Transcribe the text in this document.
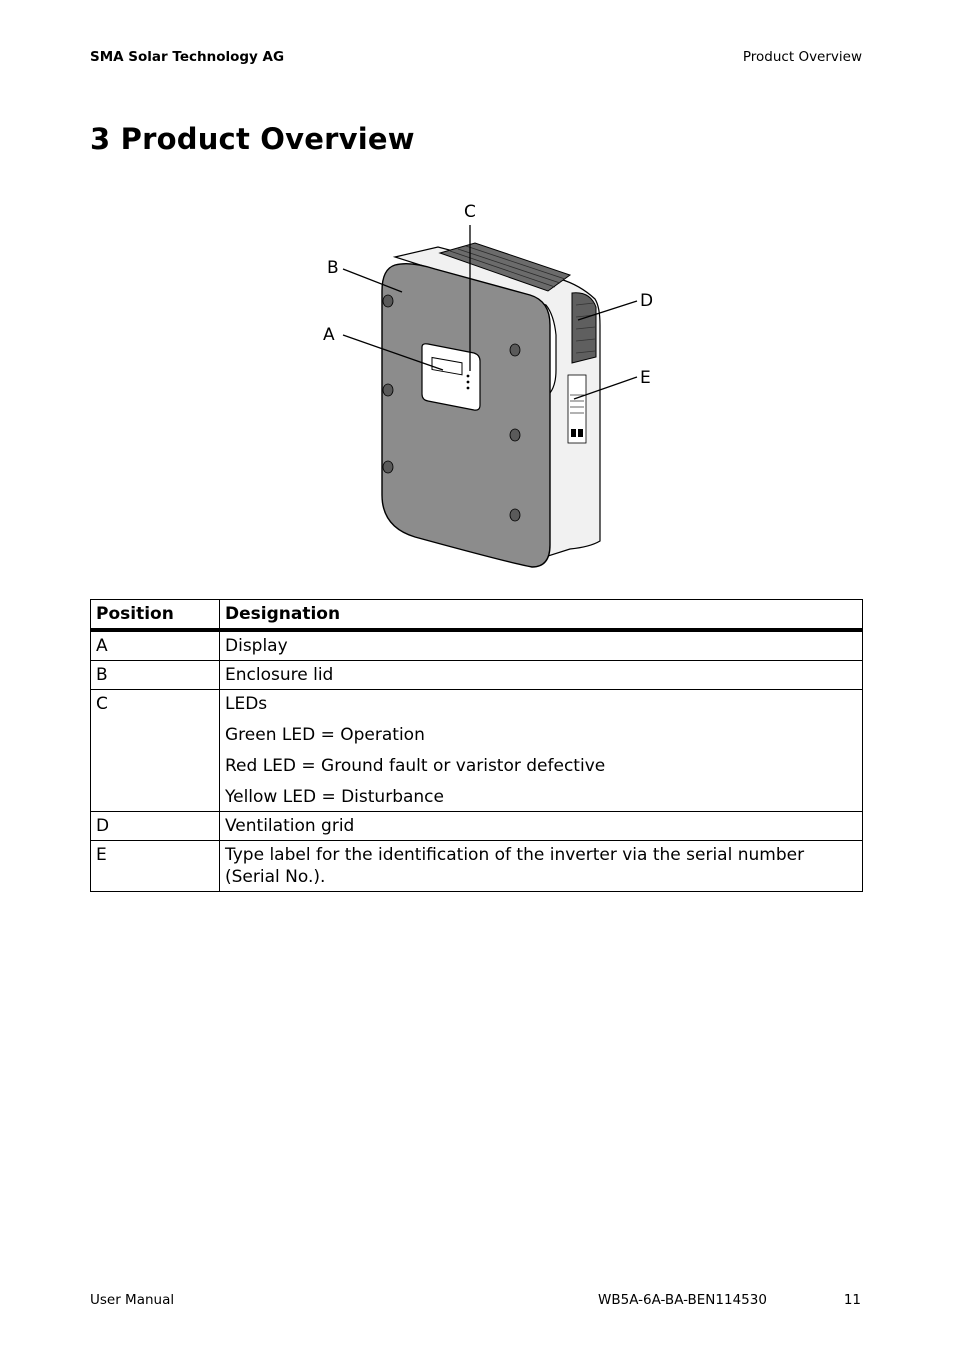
SMA Solar Technology AG	Product Overview
3 Product Overview
C
B
D
A
E
Position	Designation
A	Display

B	Enclosure lid

C	LEDs
Green LED = Operation
Red LED = Ground fault or varistor defective
Yellow LED = Disturbance

D	Ventilation grid

E	Type label for the identification of the inverter via the serial number (Serial No.).
User Manual	WB5A-6A-BA-BEN114530	11
